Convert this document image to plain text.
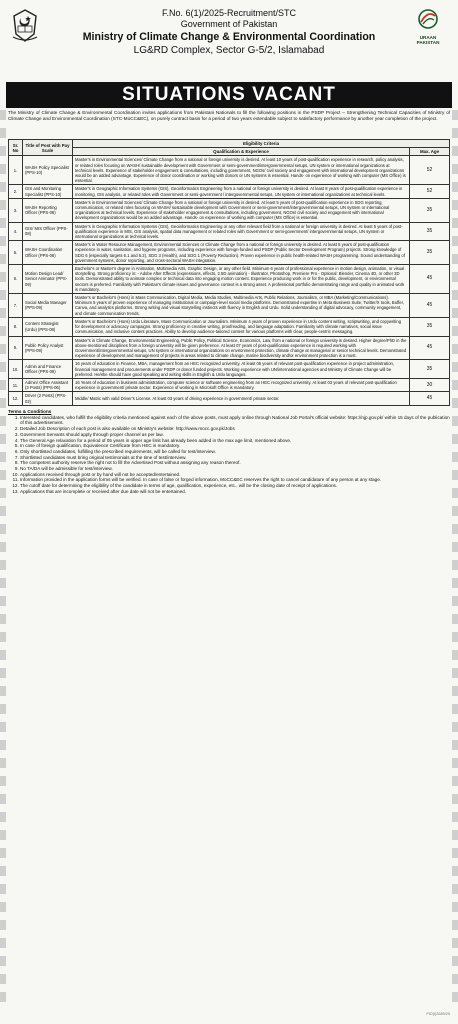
URAAN
PAKISTAN
F.No. 6(1)/2025-Recruitment/STC
Government of Pakistan
Ministry of Climate Change & Environmental Coordination
LG&RD Complex, Sector G-5/2, Islamabad
SITUATIONS VACANT
The Ministry of Climate Change & Environmental Coordination invites applications from Pakistani Nationals to fill the following positions in the PSDP Project – Strengthening Technical Capacities of Ministry of Climate Change and Environmental Coordination (STC-MoCC&EC), on purely contract basis for a period of two years extendable subject to satisfactory performance by another year completion of the project.
Sr. No	Title of Post with Pay Scale	Eligibility Criteria	
		Qualification & Experience	Max. Age
1.	WASH Policy Specialist (PPS-10)	Master's in Environmental Sciences/ Climate Change from a national or foreign university is desired. At least 10 years of post-qualification experience in research, policy analysis, or related roles focusing on WASH/ sustainable development with Government or semi-government/intergovernmental setups, UN system or international organizations at technical levels. Experience of stakeholder engagement & consultations, including government, NGOs/ civil society and engagement with international development organizations would be an added advantage. Experience of donor coordination or working with donors or UN systems is essential. Hands- on experience of working with computer (MS Office) is essential.	52
2.	GIS and Monitoring Specialist (PPS-10)	Master's in Geographic Information Systems (GIS), Geoinformatics Engineering from a national or foreign university is desired. At least 8 years of post-qualification experience in monitoring, GIS analysis, or related roles with Government or semi-government / intergovernmental setups, UN system or international organizations at technical levels.	52
3.	WASH Reporting Officer (PPS-08)	Master's in Environmental Sciences/ Climate Change from a national or foreign university is desired. At least 5 years of post-qualification experience in SDG reporting, communication, or related roles focusing on WASH/ sustainable development with Government or semi-government/intergovernmental setups, UN system or international organizations at technical levels. Experience of stakeholder engagement & consultations, including government, NGOs/ civil society and engagement with international development organizations would be an added advantage. Hands- on experience of working with computer (MS Office) is essential.	35
4.	GIS/ MIS Officer (PPS-08)	Master's in Geographic Information Systems (GIS), Geoinformatics Engineering or any other relevant field from a national or foreign university is desired. At least 5 years of post-qualification experience in MIS, GIS analysis, spatial data management or related roles with Government or semi-government/ intergovernmental setups, UN system or international organizations at technical levels.	35
5.	WASH Coordination Officer (PPS-08)	Master's in Water Resource Management, Environmental Sciences or Climate Change from a national or foreign university is desired. At least 5 years of post-qualification experience in water, sanitation, and hygiene programs, including experience with foreign-funded and PSDP (Public Sector Development Program) projects. Strong knowledge of SDG 6 (especially targets 6.1 and 6.2), SDG 3 (Health), and SDG 1 (Poverty Reduction). Proven experience in public health-related WASH programming. Sound understanding of government systems, donor reporting, and cross-sectoral WASH integration.	35
6.	Motion Design Lead/ Senior Animator (PPS-09)	Bachelor's or Master's degree in Animation, Multimedia Arts, Graphic Design, or any other field. Minimum 6 years of professional experience in motion design, animation, or visual storytelling. Strong proficiency in: - Adobe After Effects (expressions, effects, 2.5D animation) - Illustrator, Photoshop, Premiere Pro - Optional: Blender, Cinema 4D, or other 3D tools. Demonstrated ability to animate complex or technical data into engaging motion content. Experience producing work in or for the public, development, or environmental sectors is preferred. Familiarity with Pakistan's climate issues and governance context is a strong asset. A professional portfolio demonstrating range and quality in animated work is mandatory.	45
7.	Social Media Manager (PPS-09)	Master's or Bachelor's (Hons) in Mass Communication, Digital Media, Media Studies, Multimedia Arts, Public Relations, Journalism, or MBA (Marketing/Communications). Minimum 5 years of proven experience of managing institutional or campaign-level social media platforms. Demonstrated expertise in Meta Business Suite, Twitter/X tools, Buffer, Canva, and analytics platforms. Strong writing and visual storytelling instincts with fluency in English and Urdu. Solid understanding of digital advocacy, community engagement, and climate communication trends.	45
8.	Content Strategist (Urdu) (PPS-08)	Master's or Bachelor's (Hons) Urdu Literature, Mass Communication or Journalism. Minimum 4 years of proven experience in Urdu content writing, scriptwriting, and copywriting for development or advocacy campaigns. Strong proficiency in creative writing, proofreading, and language adaptation. Familiarity with climate narratives, social issue communication, and inclusive content practices. Ability to develop audience-tailored content for various platforms with clear, people-centric messaging.	35
9.	Public Policy Analyst (PPS-09)	Master's in Climate Change, Environmental Engineering, Public Policy, Political Science, Economics, Law, from a national or foreign university is desired. Higher degree/PhD in the above-mentioned disciplines from a foreign university will be given preference. At least 07 years of post-qualification experience is required working with Government/intergovernmental setups, UN system or international organizations on environment protection, climate change at managerial or senior technical levels. Demonstrated experience of development and management of projects in areas related to climate change, marine biodiversity and/or environment protection is a must.	45
10.	Admin and Finance Officer (PPS-08)	16 years of education in Finance, MBA, management from an HEC recognized university. At least 05 years of relevant post-qualification experience in project administration, financial management and procurements under PSDP or donor funded projects. Working experience with UN/international agencies and Ministry of Climate Change will be preferred. He/she should have good speaking and writing skills in English & Urdu languages.	35
11.	Admin/ Office Assistant (3 Posts) (PPS-06)	16 Years of education in business administration, computer science or software engineering from an HEC recognized university. At least 03 years of relevant post-qualification experience in government/ private sector. Experience of working in Microsoft Office is mandatory.	30
12.	Driver (2 Posts) (PPS-02)	Middle/ Matric with valid Driver's License. At least 03 years of driving experience in government/ private sector.	45
Terms & Conditions
1. Interested candidates, who fulfill the eligibility criteria mentioned against each of the above posts, must apply online through National Job Portal's official website: https://njp.gov.pk/ within 15 days of the publication of this advertisement.
2. Detailed Job Description of each post is also available on Ministry's website: http://www.mocc.gov.pk/Jobs
3. Government Servants should apply through proper channel as per law.
4. The General Age relaxation for a period of 05 years in upper age limit has already been added in the max age limit, mentioned above.
5. In case of foreign qualification, Equivalence Certificate from HEC is mandatory.
6. Only shortlisted candidates, fulfilling the prescribed requirements, will be called for test/interview.
7. Shortlisted candidates must bring original testimonials at the time of test/interview.
8. The competent authority reserve the right not to fill the Advertised Post without assigning any reason thereof.
9. No TA/DA will be admissible for test/interview.
10. Applications received through post or by hand will not be accepted/entertained.
11. Information provided in the application forms will be verified. In case of false or forged information, MoCC&EC reserves the right to cancel candidature of any person at any stage.
12. The cutoff date for determining the eligibility of the candidate in terms of age, qualification, experience, etc., will be the closing date of receipt of applications.
13. Applications that are incomplete or received after due date will not be entertained.
PID(I)2689/25
